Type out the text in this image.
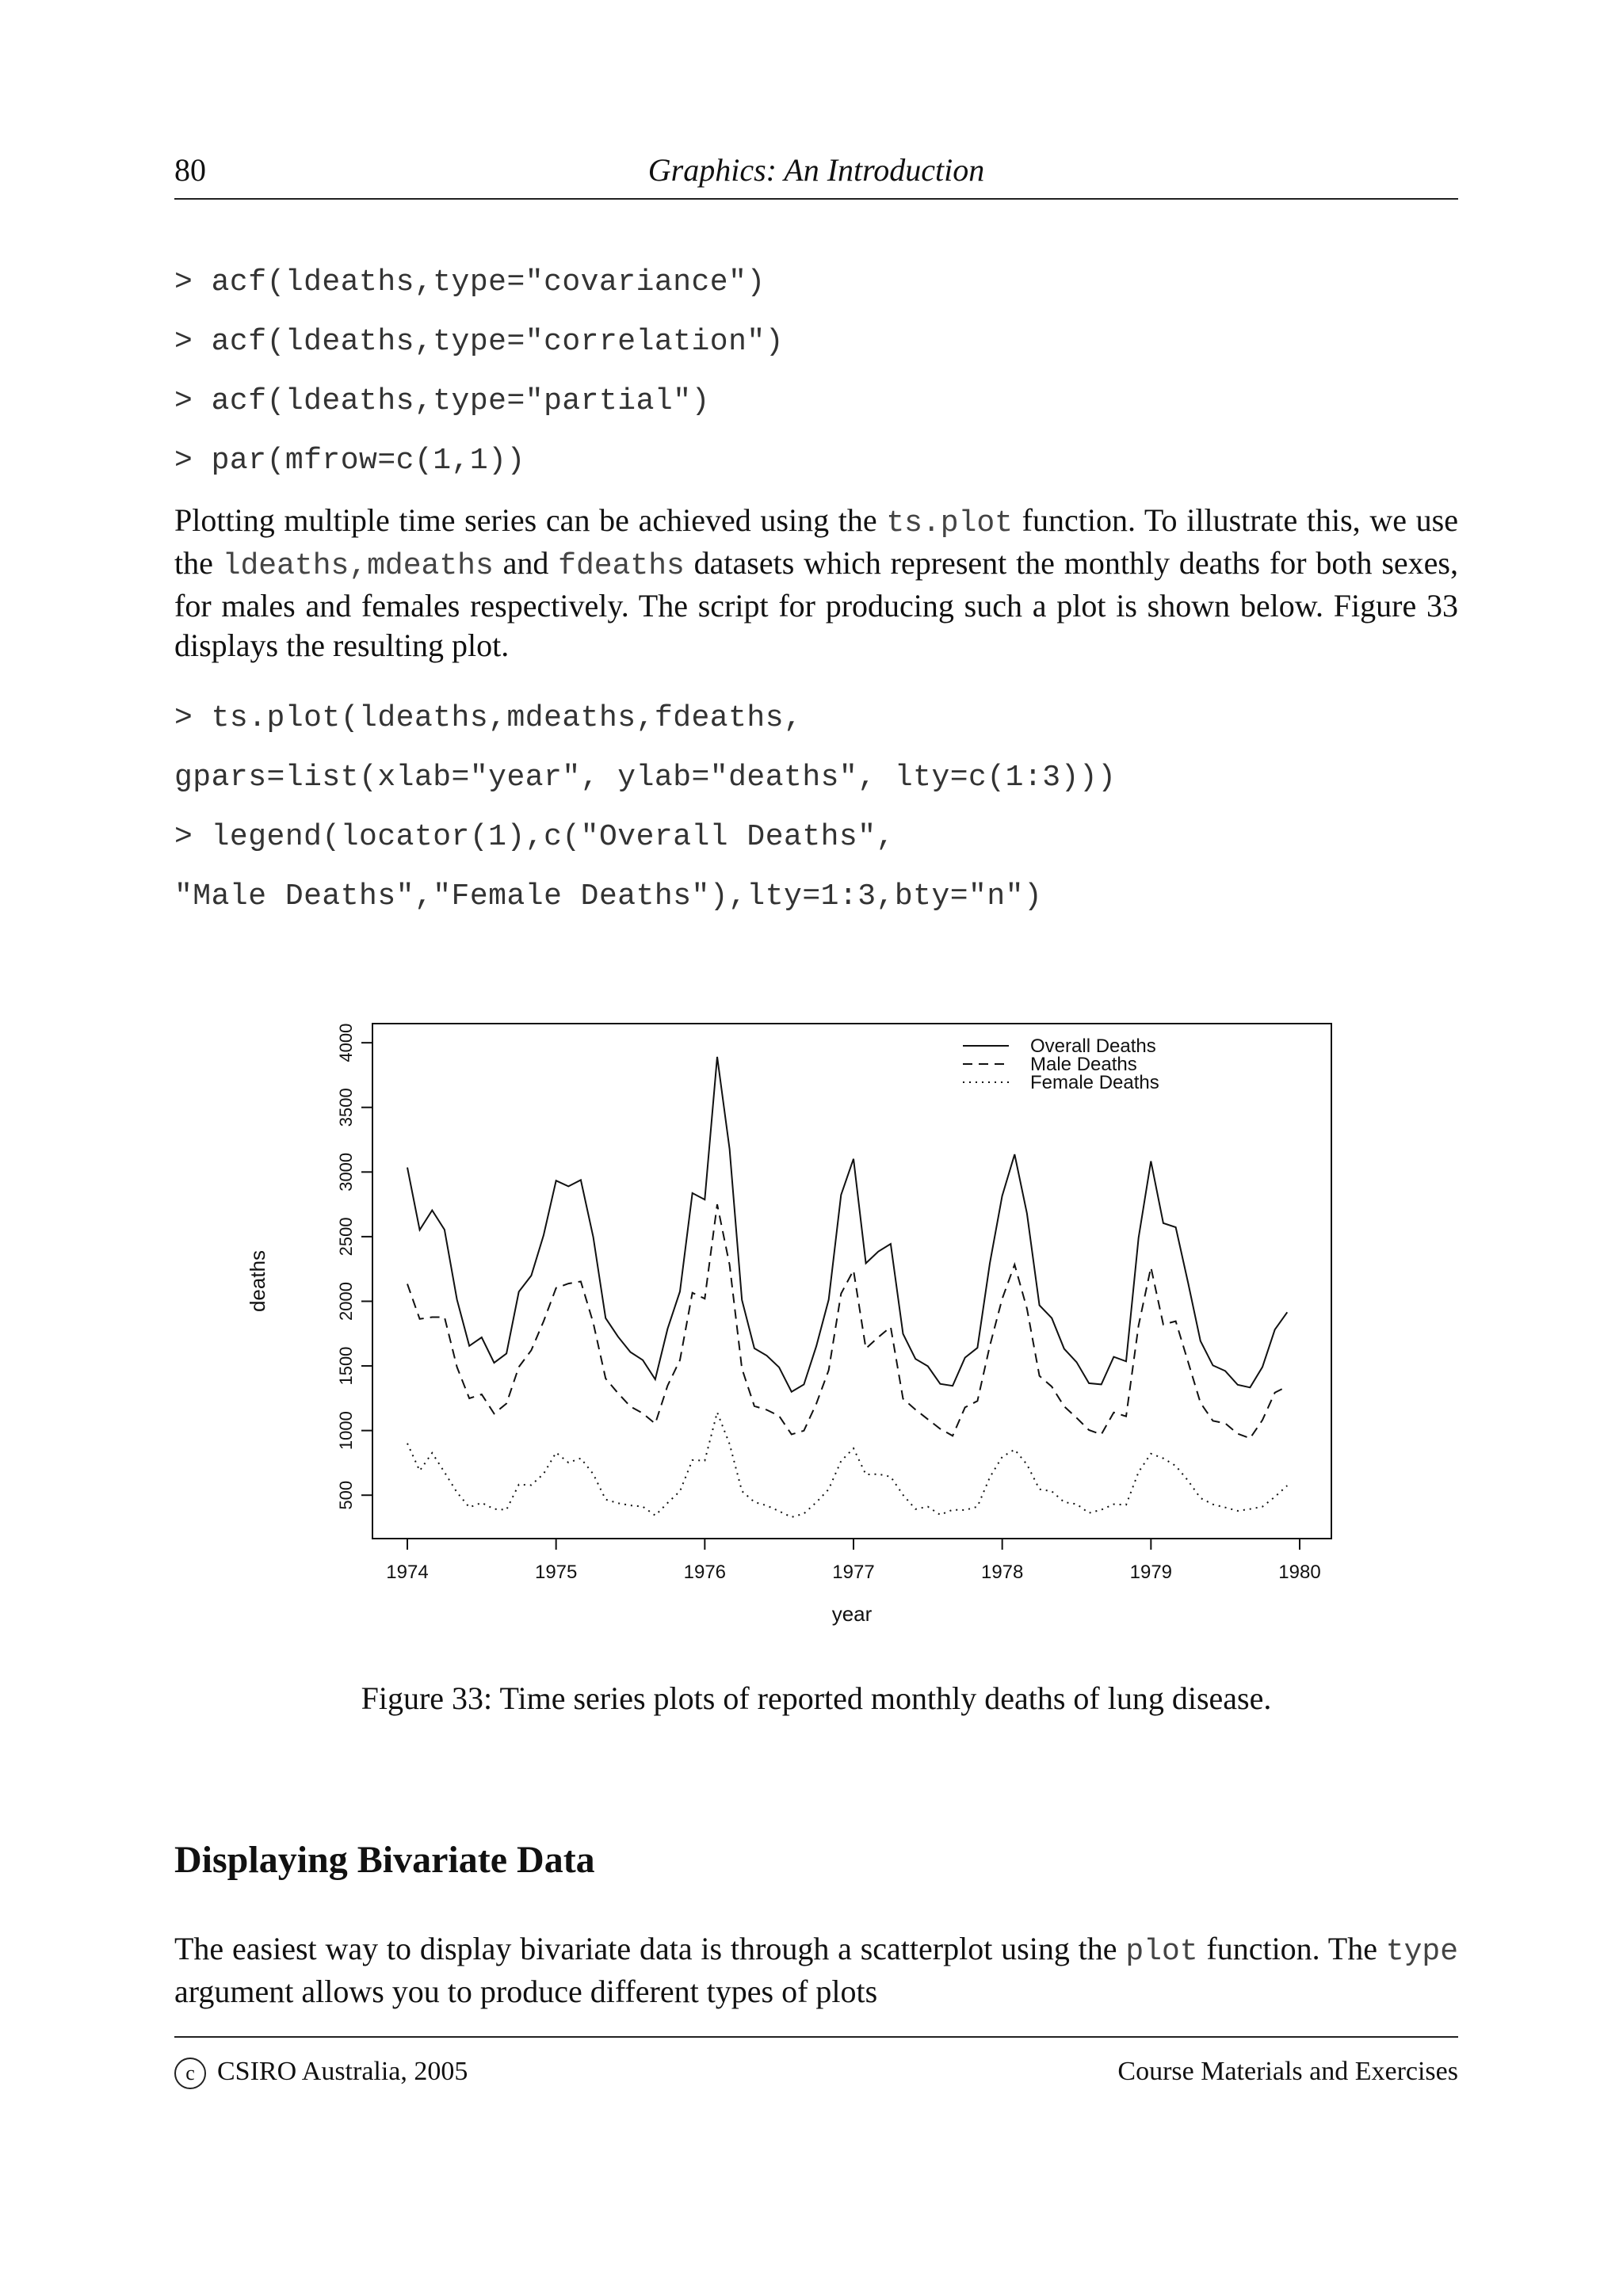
80	Graphics: An Introduction
> acf(ldeaths,type="covariance")
> acf(ldeaths,type="correlation")
> acf(ldeaths,type="partial")
> par(mfrow=c(1,1))
Plotting multiple time series can be achieved using the ts.plot function. To illustrate this, we use the ldeaths,mdeaths and fdeaths datasets which represent the monthly deaths for both sexes, for males and females respectively. The script for producing such a plot is shown below. Figure 33 displays the resulting plot.
> ts.plot(ldeaths,mdeaths,fdeaths,
gpars=list(xlab="year", ylab="deaths", lty=c(1:3)))
> legend(locator(1),c("Overall Deaths",
"Male Deaths","Female Deaths"),lty=1:3,bty="n")
1974	1975	1976	1977	1978	1979	1980
500
1000
1500
2000
2500
3000
3500
4000	Overall Deaths
Male Deaths
Female Deaths
year
deaths
Figure 33: Time series plots of reported monthly deaths of lung disease.
Displaying Bivariate Data
The easiest way to display bivariate data is through a scatterplot using the plot function. The type argument allows you to produce different types of plots
c CSIRO Australia, 2005	Course Materials and Exercises
